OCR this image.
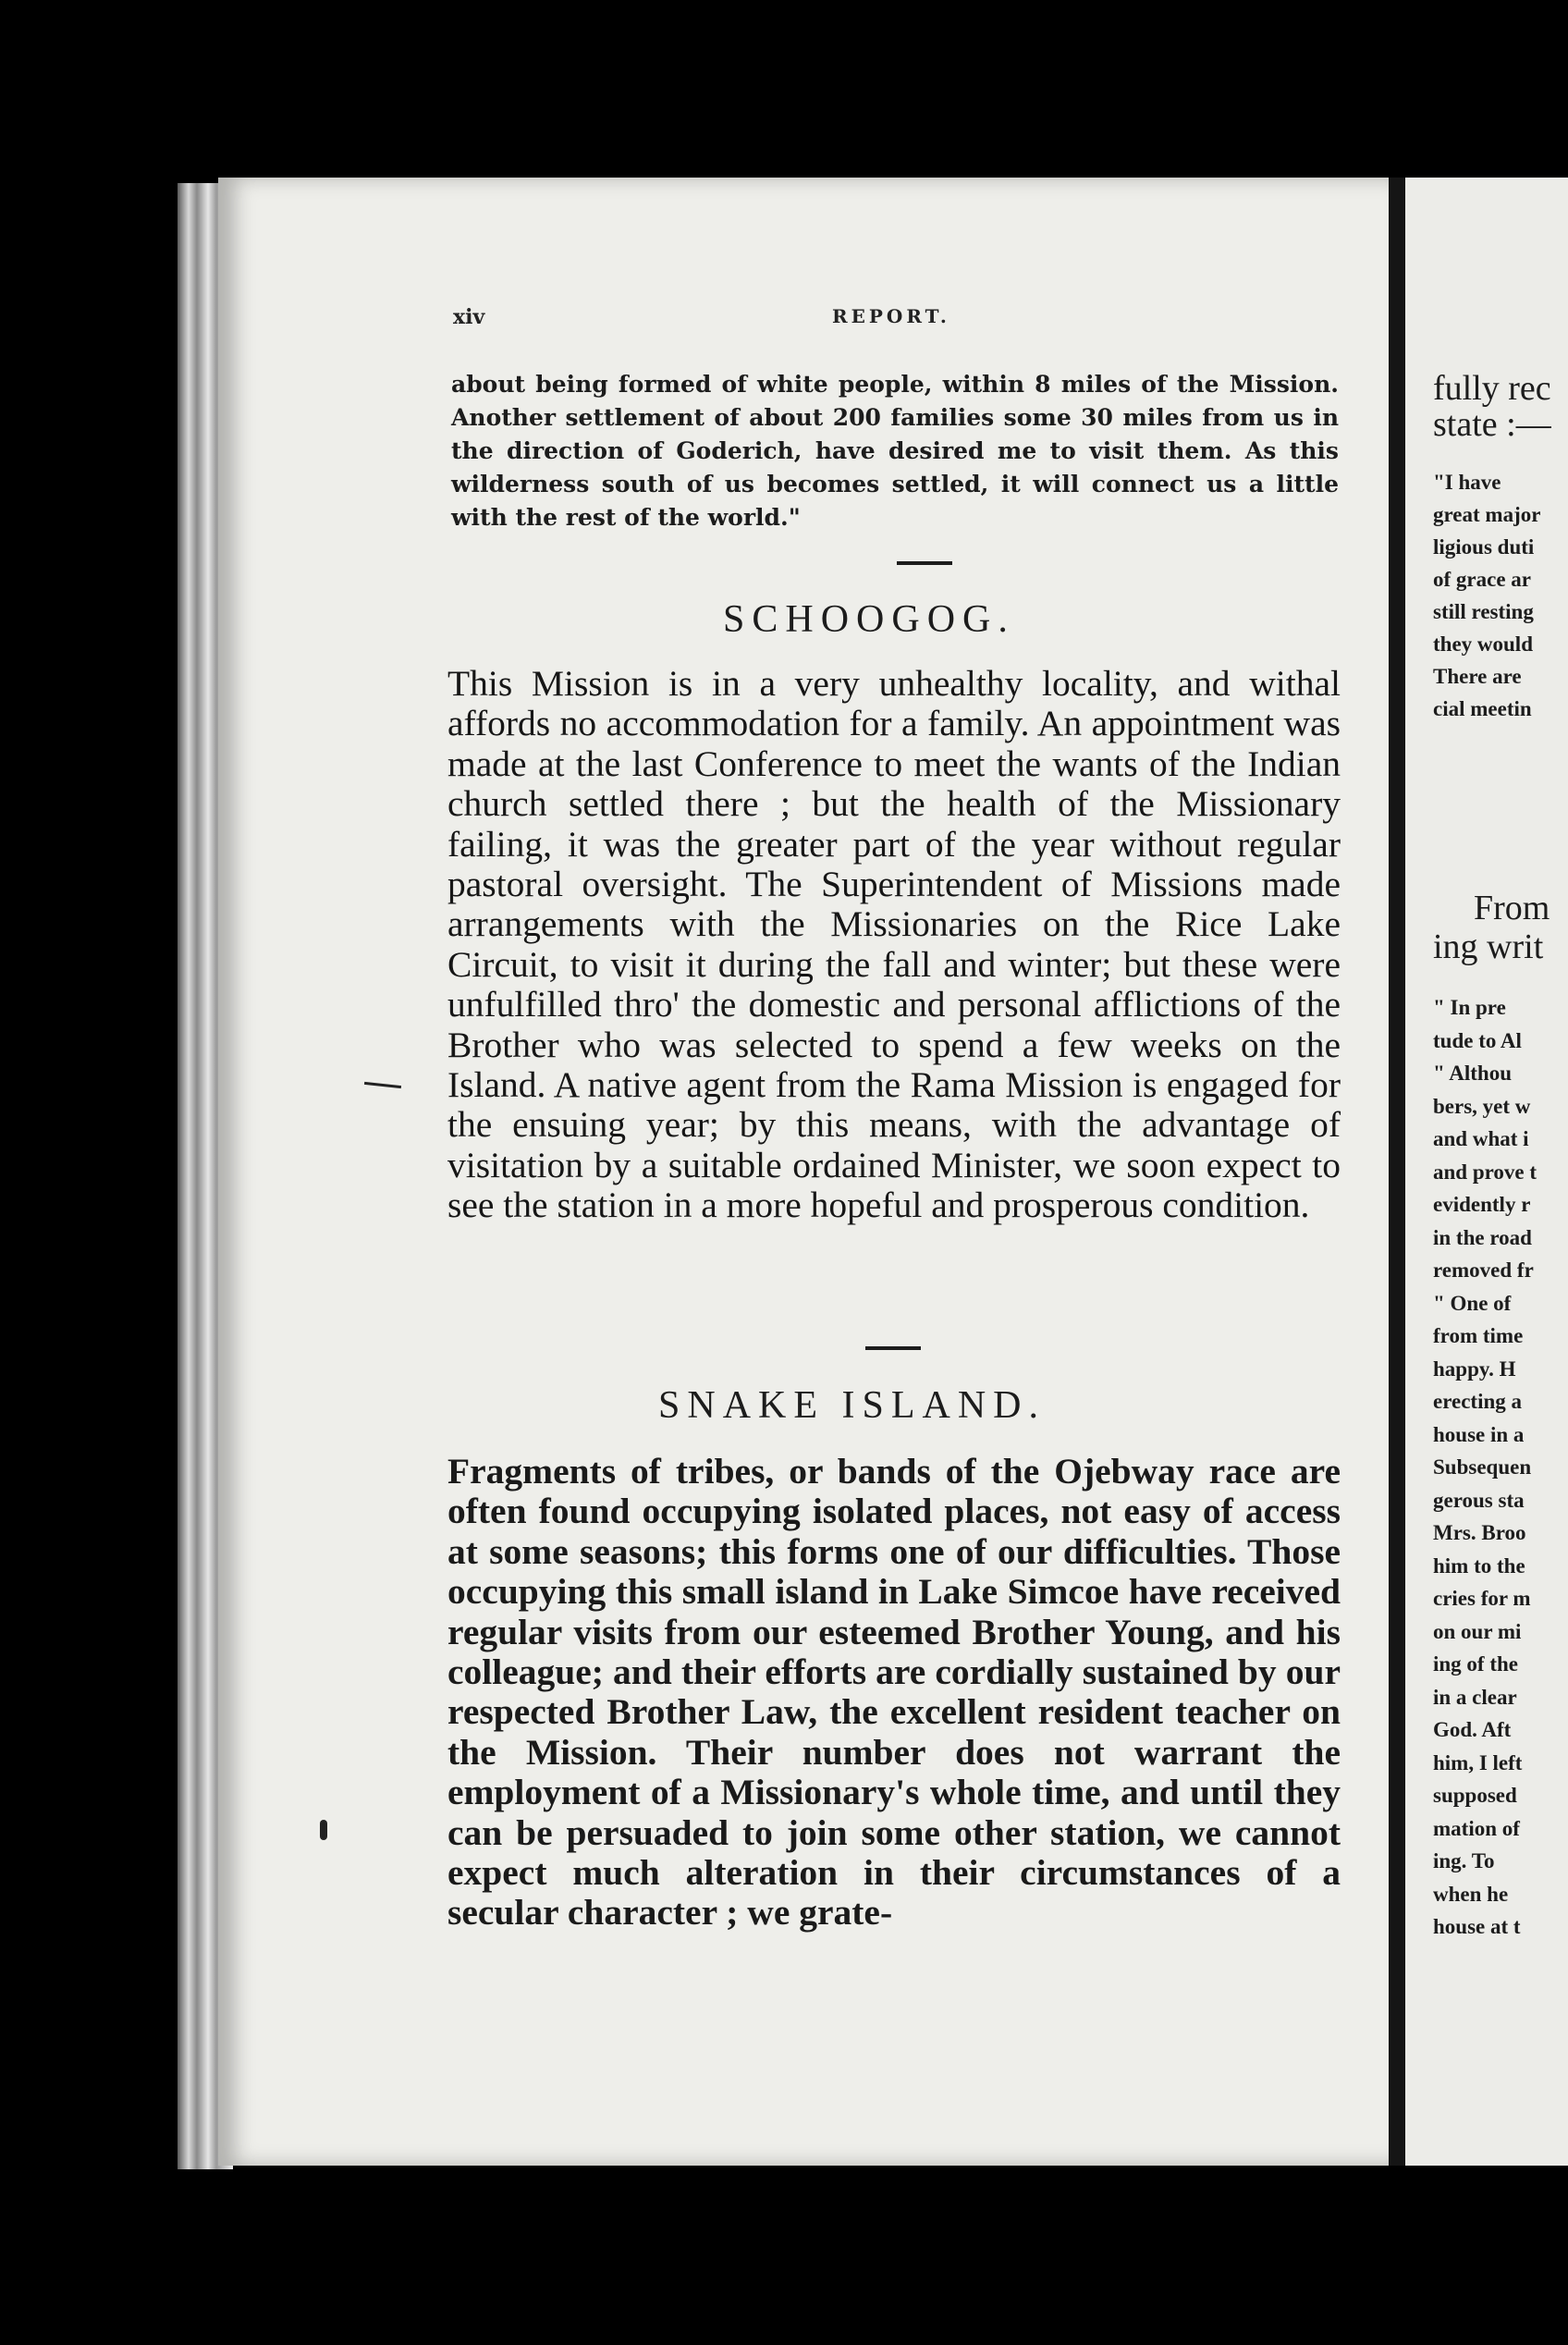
fully rec
state :—
"I have
great major
ligious duti
of grace ar
still resting
they would
There are
cial meetin
From
ing writ
" In pre
tude to Al
" Althou
bers, yet w
and what i
and prove t
evidently r
in the road
removed fr
" One of
from time
happy. H
erecting a
house in a
Subsequen
gerous sta
Mrs. Broo
him to the
cries for m
on our mi
ing of the
in a clear
God. Aft
him, I left
supposed
mation of
ing. To
when he
house at t
xiv	REPORT.
about being formed of white people, within 8 miles of the Mission. Another settlement of about 200 families some 30 miles from us in the direction of Goderich, have desired me to visit them. As this wilderness south of us becomes settled, it will connect us a little with the rest of the world."
SCHOOGOG.
This Mission is in a very unhealthy locality, and withal affords no accommodation for a family. An appointment was made at the last Conference to meet the wants of the Indian church settled there ; but the health of the Missionary failing, it was the greater part of the year without regular pastoral oversight. The Superintendent of Missions made arrangements with the Missionaries on the Rice Lake Circuit, to visit it during the fall and winter; but these were unfulfilled thro' the domestic and personal afflictions of the Brother who was selected to spend a few weeks on the Island. A native agent from the Rama Mission is engaged for the ensuing year; by this means, with the advantage of visitation by a suitable ordained Minister, we soon expect to see the station in a more hopeful and prosperous condition.
SNAKE ISLAND.
Fragments of tribes, or bands of the Ojebway race are often found occupying isolated places, not easy of access at some seasons; this forms one of our difficulties. Those occupying this small island in Lake Simcoe have received regular visits from our esteemed Brother Young, and his colleague; and their efforts are cordially sustained by our respected Brother Law, the excellent resident teacher on the Mission. Their number does not warrant the employment of a Missionary's whole time, and until they can be persuaded to join some other station, we cannot expect much alteration in their circumstances of a secular character ; we grate-
